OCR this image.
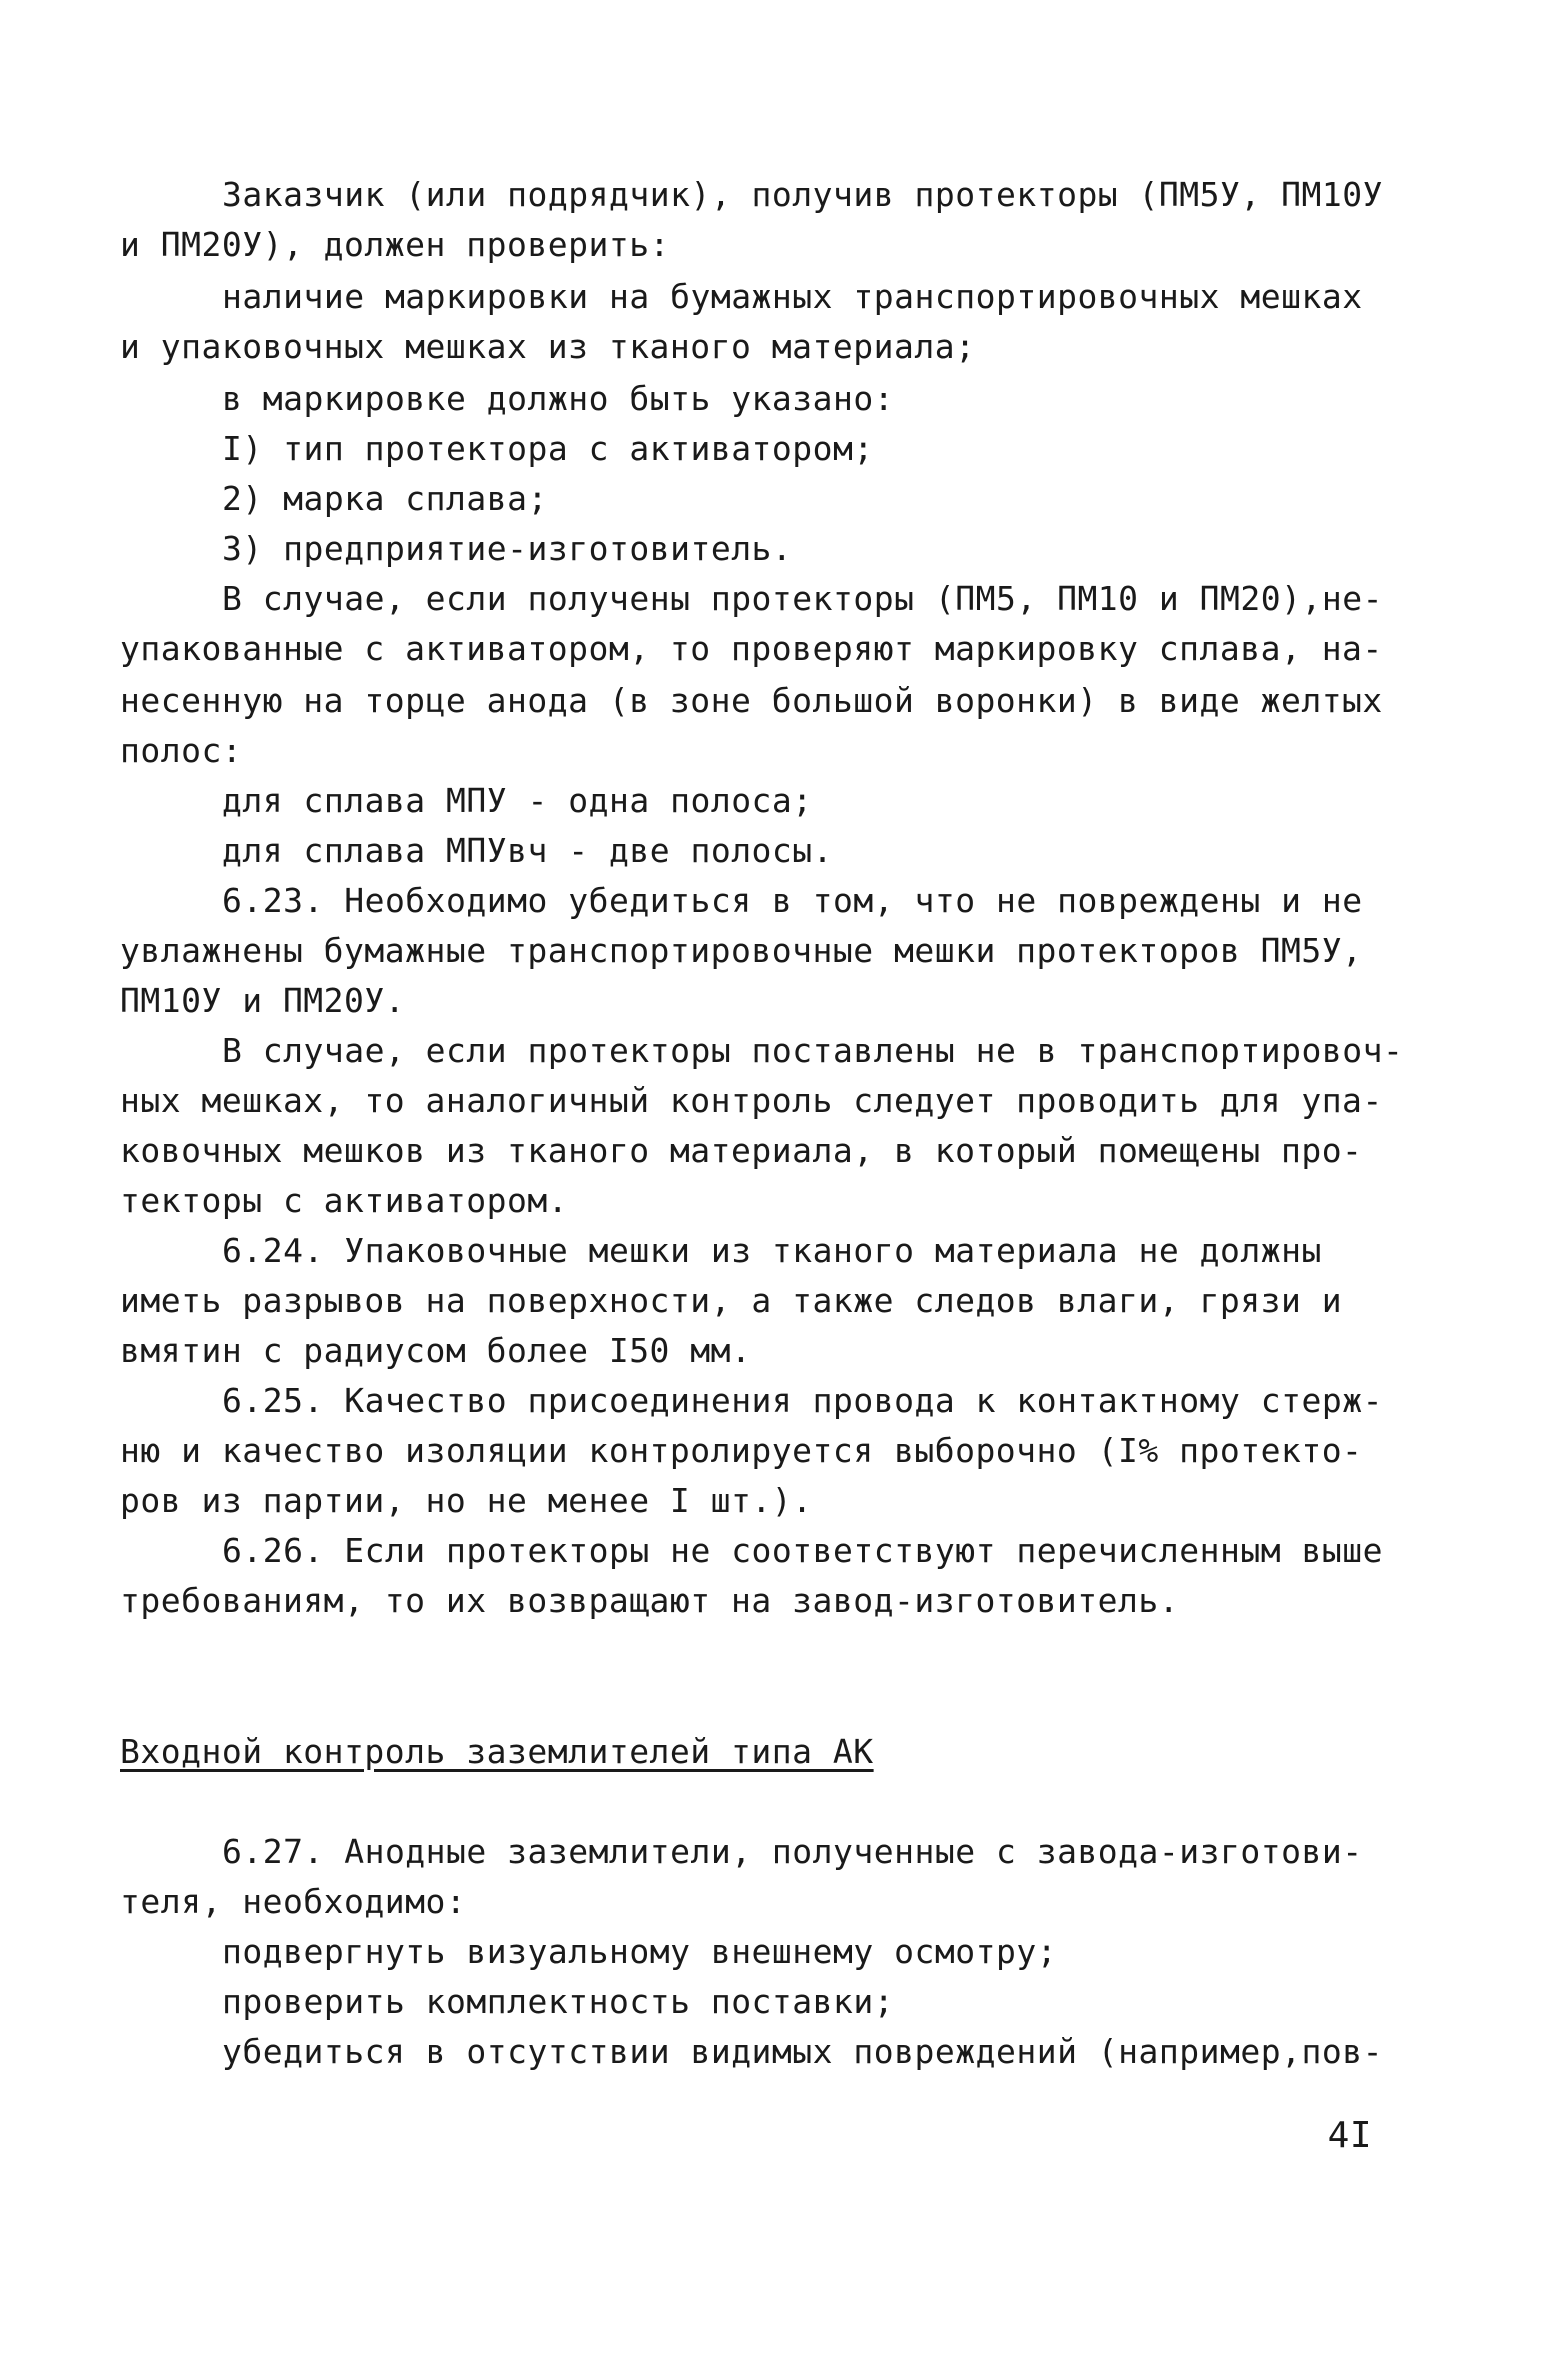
Заказчик (или подрядчик), получив протекторы (ПМ5У, ПМ10У
и ПМ20У), должен проверить:
наличие маркировки на бумажных транспортировочных мешках
и упаковочных мешках из тканого материала;
в маркировке должно быть указано:
I) тип протектора с активатором;
2) марка сплава;
3) предприятие-изготовитель.
В случае, если получены протекторы (ПМ5, ПМ10 и ПМ20),не-
упакованные с активатором, то проверяют маркировку сплава, на-
несенную на торце анода (в зоне большой воронки) в виде желтых
полос:
для сплава МПУ - одна полоса;
для сплава МПУвч - две полосы.
6.23. Необходимо убедиться в том, что не повреждены и не
увлажнены бумажные транспортировочные мешки протекторов ПМ5У,
ПМ10У и ПМ20У.
В случае, если протекторы поставлены не в транспортировоч-
ных мешках, то аналогичный контроль следует проводить для упа-
ковочных мешков из тканого материала, в который помещены про-
текторы с активатором.
6.24. Упаковочные мешки из тканого материала не должны
иметь разрывов на поверхности, а также следов влаги, грязи и
вмятин с радиусом более I50 мм.
6.25. Качество присоединения провода к контактному стерж-
ню и качество изоляции контролируется выборочно (I% протекто-
ров из партии, но не менее I шт.).
6.26. Если протекторы не соответствуют перечисленным выше
требованиям, то их возвращают на завод-изготовитель.
Входной контроль заземлителей типа АК
6.27. Анодные заземлители, полученные с завода-изготови-
теля, необходимо:
подвергнуть визуальному внешнему осмотру;
проверить комплектность поставки;
убедиться в отсутствии видимых повреждений (например,пов-
4I
